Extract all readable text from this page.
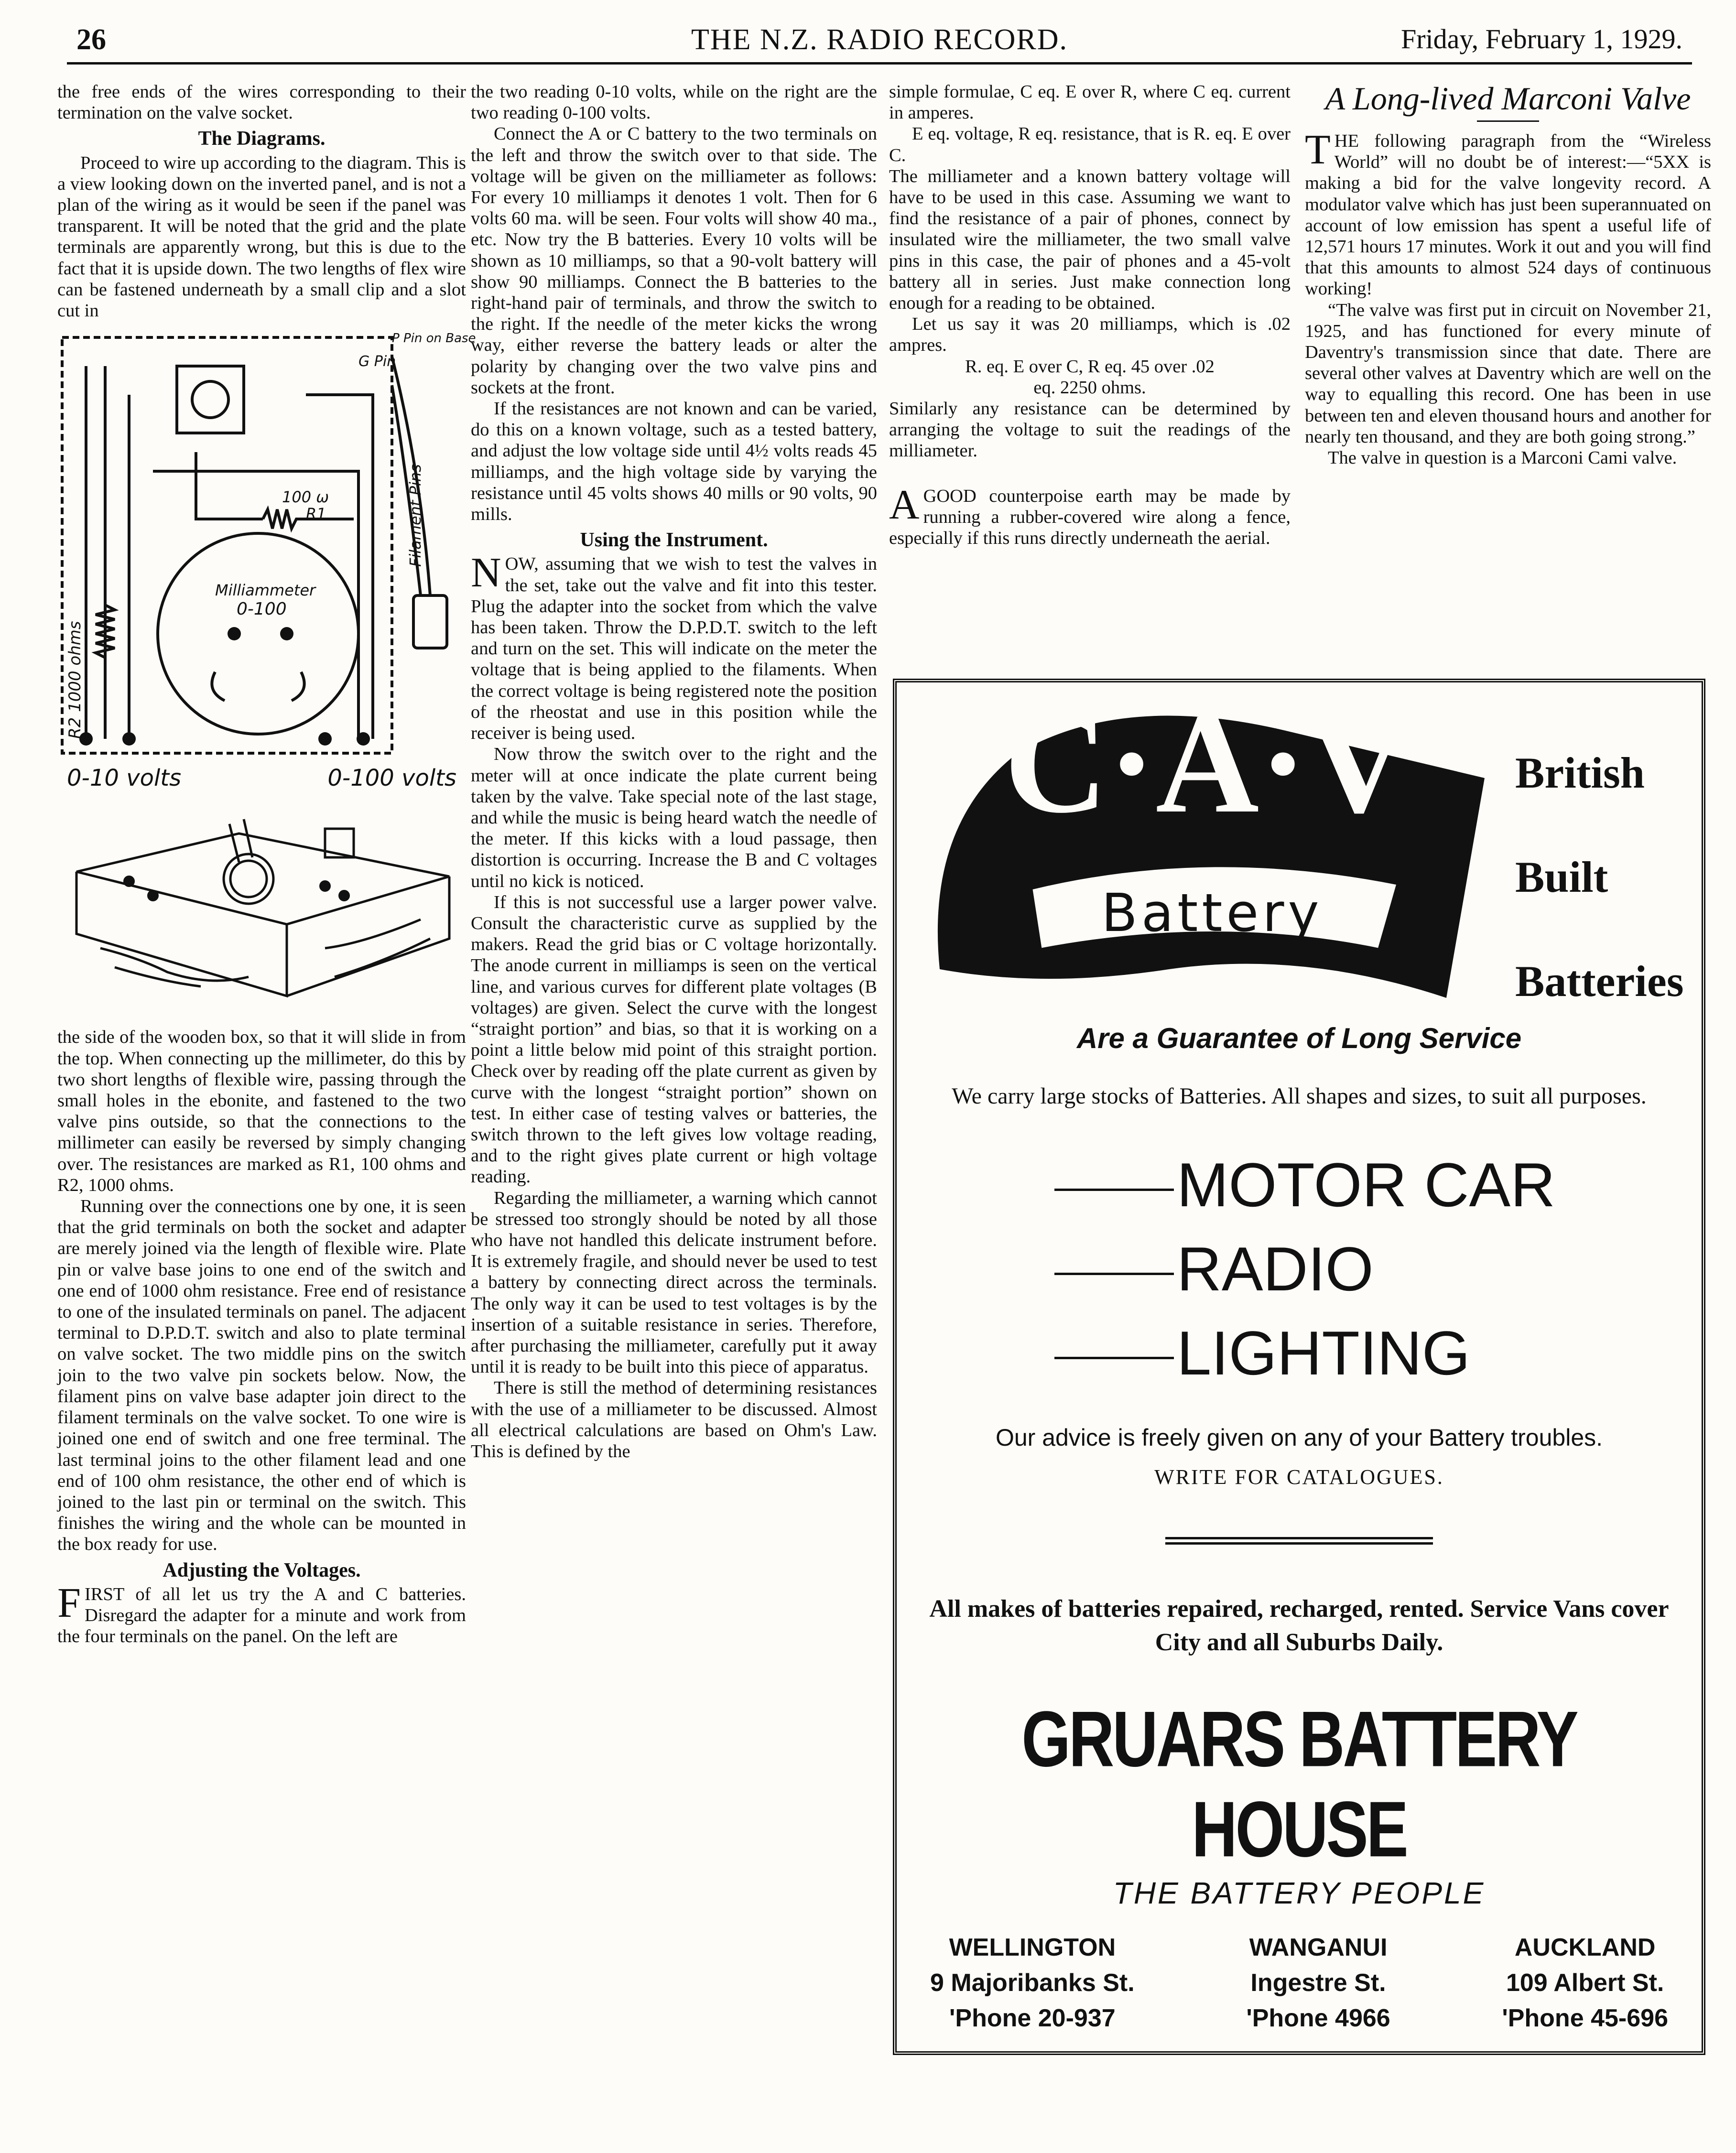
26	THE N.Z. RADIO RECORD.	Friday, February 1, 1929.

the free ends of the wires corresponding to their termination on the valve socket.

The Diagrams.

Proceed to wire up according to the diagram. This is a view looking down on the inverted panel, and is not a plan of the wiring as it would be seen if the panel was transparent. It will be noted that the grid and the plate terminals are apparently wrong, but this is due to the fact that it is upside down. The two lengths of flex wire can be fastened underneath by a small clip and a slot cut in

P Pin on Base
G Pin
100 ω
R1
Milliammeter
0-100
R2 1000 ohms
Filament Pins
0-10 volts	0-100 volts

the side of the wooden box, so that it will slide in from the top. When connecting up the millimeter, do this by two short lengths of flexible wire, passing through the small holes in the ebonite, and fastened to the two valve pins outside, so that the connections to the millimeter can easily be reversed by simply changing over. The resistances are marked as R1, 100 ohms and R2, 1000 ohms.

Running over the connections one by one, it is seen that the grid terminals on both the socket and adapter are merely joined via the length of flexible wire. Plate pin or valve base joins to one end of the switch and one end of 1000 ohm resistance. Free end of resistance to one of the insulated terminals on panel. The adjacent terminal to D.P.D.T. switch and also to plate terminal on valve socket. The two middle pins on the switch join to the two valve pin sockets below. Now, the filament pins on valve base adapter join direct to the filament terminals on the valve socket. To one wire is joined one end of switch and one free terminal. The last terminal joins to the other filament lead and one end of 100 ohm resistance, the other end of which is joined to the last pin or terminal on the switch. This finishes the wiring and the whole can be mounted in the box ready for use.

Adjusting the Voltages.

FIRST of all let us try the A and C batteries. Disregard the adapter for a minute and work from the four terminals on the panel. On the left are

the two reading 0-10 volts, while on the right are the two reading 0-100 volts.

Connect the A or C battery to the two terminals on the left and throw the switch over to that side. The voltage will be given on the milliameter as follows: For every 10 milliamps it denotes 1 volt. Then for 6 volts 60 ma. will be seen. Four volts will show 40 ma., etc. Now try the B batteries. Every 10 volts will be shown as 10 milliamps, so that a 90-volt battery will show 90 milliamps. Connect the B batteries to the right-hand pair of terminals, and throw the switch to the right. If the needle of the meter kicks the wrong way, either reverse the battery leads or alter the polarity by changing over the two valve pins and sockets at the front.

If the resistances are not known and can be varied, do this on a known voltage, such as a tested battery, and adjust the low voltage side until 4½ volts reads 45 milliamps, and the high voltage side by varying the resistance until 45 volts shows 40 mills or 90 volts, 90 mills.

Using the Instrument.

NOW, assuming that we wish to test the valves in the set, take out the valve and fit into this tester. Plug the adapter into the socket from which the valve has been taken. Throw the D.P.D.T. switch to the left and turn on the set. This will indicate on the meter the voltage that is being applied to the filaments. When the correct voltage is being registered note the position of the rheostat and use in this position while the receiver is being used.

Now throw the switch over to the right and the meter will at once indicate the plate current being taken by the valve. Take special note of the last stage, and while the music is being heard watch the needle of the meter. If this kicks with a loud passage, then distortion is occurring. Increase the B and C voltages until no kick is noticed.

If this is not successful use a larger power valve. Consult the characteristic curve as supplied by the makers. Read the grid bias or C voltage horizontally. The anode current in milliamps is seen on the vertical line, and various curves for different plate voltages (B voltages) are given. Select the curve with the longest “straight portion” and bias, so that it is working on a point a little below mid point of this straight portion. Check over by reading off the plate current as given by curve with the longest “straight portion” shown on test. In either case of testing valves or batteries, the switch thrown to the left gives low voltage reading, and to the right gives plate current or high voltage reading.

Regarding the milliameter, a warning which cannot be stressed too strongly should be noted by all those who have not handled this delicate instrument before. It is extremely fragile, and should never be used to test a battery by connecting direct across the terminals. The only way it can be used to test voltages is by the insertion of a suitable resistance in series. Therefore, after purchasing the milliameter, carefully put it away until it is ready to be built into this piece of apparatus.

There is still the method of determining resistances with the use of a milliameter to be discussed. Almost all electrical calculations are based on Ohm's Law. This is defined by the

simple formulae, C eq. E over R, where C eq. current in amperes.

E eq. voltage, R eq. resistance, that is R. eq. E over C.

The milliameter and a known battery voltage will have to be used in this case. Assuming we want to find the resistance of a pair of phones, connect by insulated wire the milliameter, the two small valve pins in this case, the pair of phones and a 45-volt battery all in series. Just make connection long enough for a reading to be obtained.

Let us say it was 20 milliamps, which is .02 ampres.

R. eq. E over C, R eq. 45 over .02

eq. 2250 ohms.

Similarly any resistance can be determined by arranging the voltage to suit the readings of the milliameter.

AGOOD counterpoise earth may be made by running a rubber-covered wire along a fence, especially if this runs directly underneath the aerial.

A Long-lived Marconi Valve

THE following paragraph from the “Wireless World” will no doubt be of interest:—“5XX is making a bid for the valve longevity record. A modulator valve which has just been superannuated on account of low emission has spent a useful life of 12,571 hours 17 minutes. Work it out and you will find that this amounts to almost 524 days of continuous working!

“The valve was first put in circuit on November 21, 1925, and has functioned for every minute of Daventry's transmission since that date. There are several other valves at Daventry which are well on the way to equalling this record. One has been in use between ten and eleven thousand hours and another for nearly ten thousand, and they are both going strong.”

The valve in question is a Marconi Cami valve.

C·A·V
Battery
British
Built
Batteries
Are a Guarantee of Long Service
We carry large stocks of Batteries. All shapes and sizes, to suit all purposes.
MOTOR CAR
RADIO
LIGHTING
Our advice is freely given on any of your Battery troubles.
WRITE FOR CATALOGUES.
All makes of batteries repaired, recharged, rented. Service Vans cover City and all Suburbs Daily.
GRUARS BATTERY HOUSE
THE BATTERY PEOPLE
WELLINGTON
9 Majoribanks St.
'Phone 20-937
WANGANUI
Ingestre St.
'Phone 4966
AUCKLAND
109 Albert St.
'Phone 45-696
